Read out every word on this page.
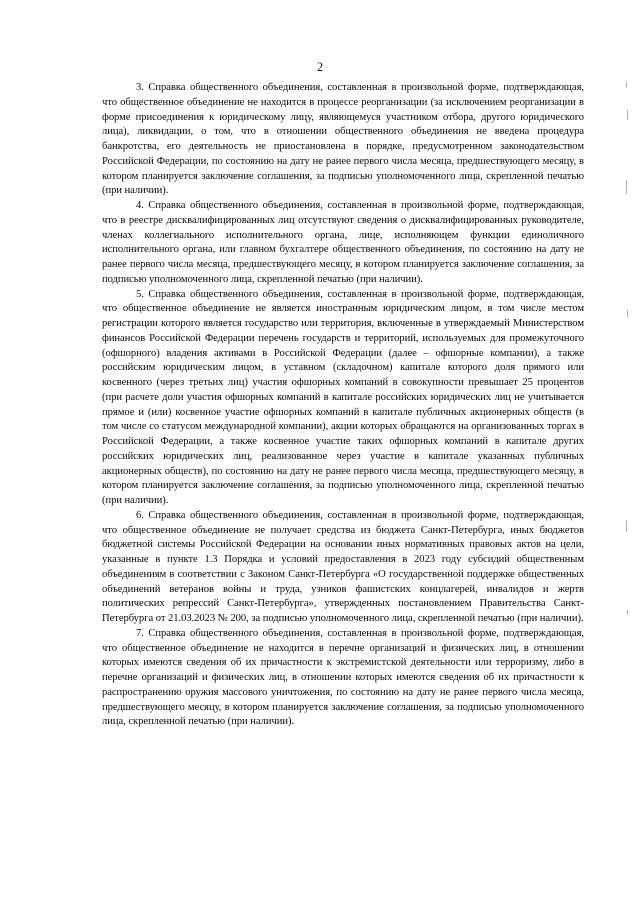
2

3. Справка общественного объединения, составленная в произвольной форме, подтверждающая, что общественное объединение не находится в процессе реорганизации (за исключением реорганизации в форме присоединения к юридическому лицу, являющемуся участником отбора, другого юридического лица), ликвидации, о том, что в отношении общественного объединения не введена процедура банкротства, его деятельность не приостановлена в порядке, предусмотренном законодательством Российской Федерации, по состоянию на дату не ранее первого числа месяца, предшествующего месяцу, в котором планируется заключение соглашения, за подписью уполномоченного лица, скрепленной печатью (при наличии).

4. Справка общественного объединения, составленная в произвольной форме, подтверждающая, что в реестре дисквалифицированных лиц отсутствуют сведения о дисквалифицированных руководителе, членах коллегиального исполнительного органа, лице, исполняющем функции единоличного исполнительного органа, или главном бухгалтере общественного объединения, по состоянию на дату не ранее первого числа месяца, предшествующего месяцу, в котором планируется заключение соглашения, за подписью уполномоченного лица, скрепленной печатью (при наличии).

5. Справка общественного объединения, составленная в произвольной форме, подтверждающая, что общественное объединение не является иностранным юридическим лицом, в том числе местом регистрации которого является государство или территория, включенные в утверждаемый Министерством финансов Российской Федерации перечень государств и территорий, используемых для промежуточного (офшорного) владения активами в Российской Федерации (далее – офшорные компании), а также российским юридическим лицом, в уставном (складочном) капитале которого доля прямого или косвенного (через третьих лиц) участия офшорных компаний в совокупности превышает 25 процентов (при расчете доли участия офшорных компаний в капитале российских юридических лиц не учитывается прямое и (или) косвенное участие офшорных компаний в капитале публичных акционерных обществ (в том числе со статусом международной компании), акции которых обращаются на организованных торгах в Российской Федерации, а также косвенное участие таких офшорных компаний в капитале других российских юридических лиц, реализованное через участие в капитале указанных публичных акционерных обществ), по состоянию на дату не ранее первого числа месяца, предшествующего месяцу, в котором планируется заключение соглашения, за подписью уполномоченного лица, скрепленной печатью (при наличии).

6. Справка общественного объединения, составленная в произвольной форме, подтверждающая, что общественное объединение не получает средства из бюджета Санкт-Петербурга, иных бюджетов бюджетной системы Российской Федерации на основании иных нормативных правовых актов на цели, указанные в пункте 1.3 Порядка и условий предоставления в 2023 году субсидий общественным объединениям в соответствии с Законом Санкт-Петербурга «О государственной поддержке общественных объединений ветеранов войны и труда, узников фашистских концлагерей, инвалидов и жертв политических репрессий Санкт-Петербурга», утвержденных постановлением Правительства Санкт-Петербурга от 21.03.2023 № 200, за подписью уполномоченного лица, скрепленной печатью (при наличии).

7. Справка общественного объединения, составленная в произвольной форме, подтверждающая, что общественное объединение не находится в перечне организаций и физических лиц, в отношении которых имеются сведения об их причастности к экстремистской деятельности или терроризму, либо в перечне организаций и физических лиц, в отношении которых имеются сведения об их причастности к распространению оружия массового уничтожения, по состоянию на дату не ранее первого числа месяца, предшествующего месяцу, в котором планируется заключение соглашения, за подписью уполномоченного лица, скрепленной печатью (при наличии).
